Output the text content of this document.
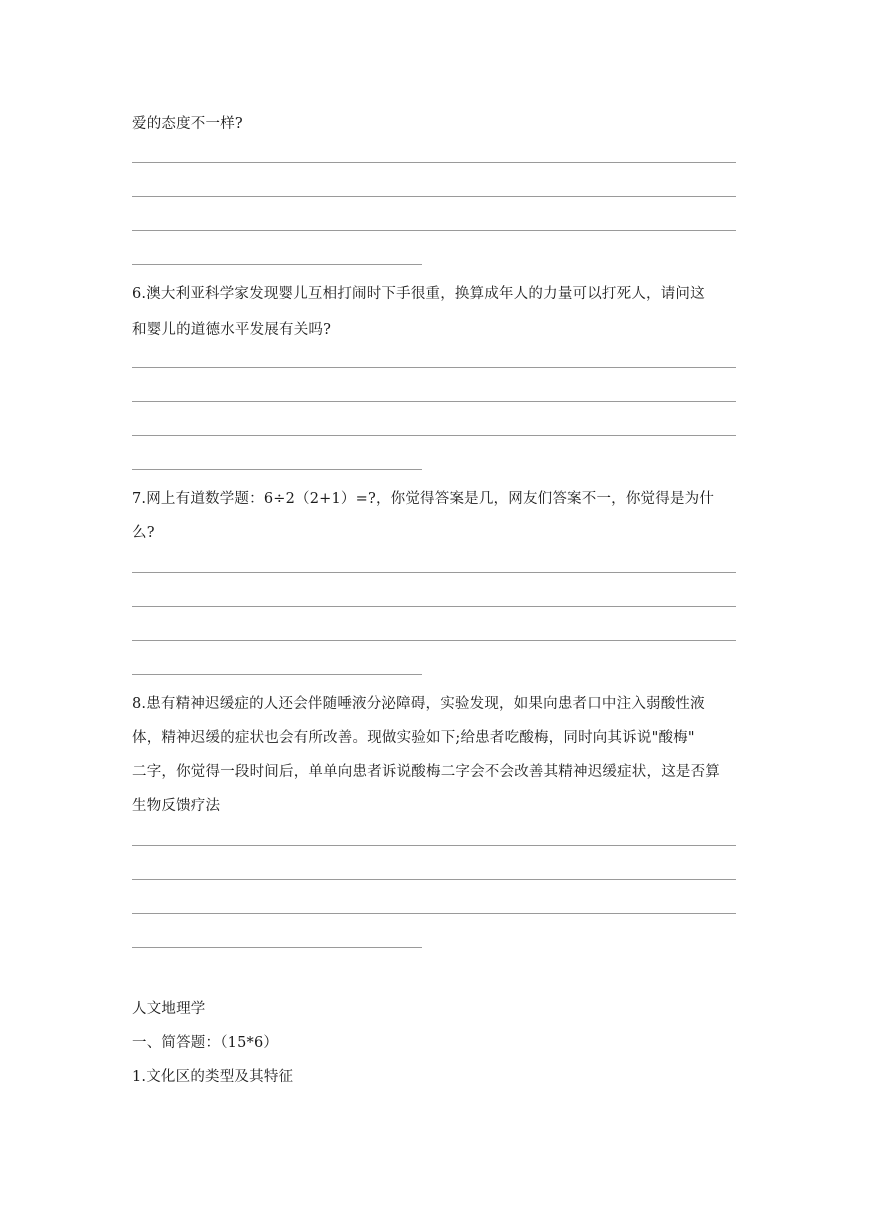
爱的态度不一样?

6.澳大利亚科学家发现婴儿互相打闹时下手很重，换算成年人的力量可以打死人，请问这

和婴儿的道德水平发展有关吗?

7.网上有道数学题：6÷2（2+1）=?，你觉得答案是几，网友们答案不一，你觉得是为什

么?

8.患有精神迟缓症的人还会伴随唾液分泌障碍，实验发现，如果向患者口中注入弱酸性液

体，精神迟缓的症状也会有所改善。现做实验如下;给患者吃酸梅，同时向其诉说"酸梅"

二字，你觉得一段时间后，单单向患者诉说酸梅二字会不会改善其精神迟缓症状，这是否算

生物反馈疗法

人文地理学

一、简答题：（15*6）

1.文化区的类型及其特征
